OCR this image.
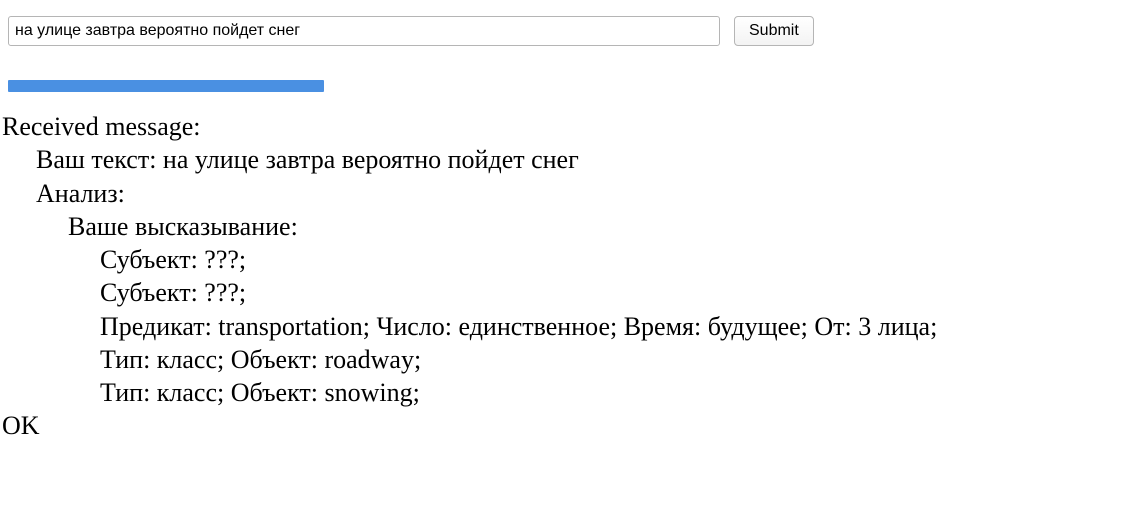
на улице завтра вероятно пойдет снег
Submit
Received message:
Ваш текст: на улице завтра вероятно пойдет снег
Анализ:
Ваше высказывание:
Субъект: ???;
Субъект: ???;
Предикат: transportation; Число: единственное; Время: будущее; От: 3 лица;
Тип: класс; Объект: roadway;
Тип: класс; Объект: snowing;
OK
